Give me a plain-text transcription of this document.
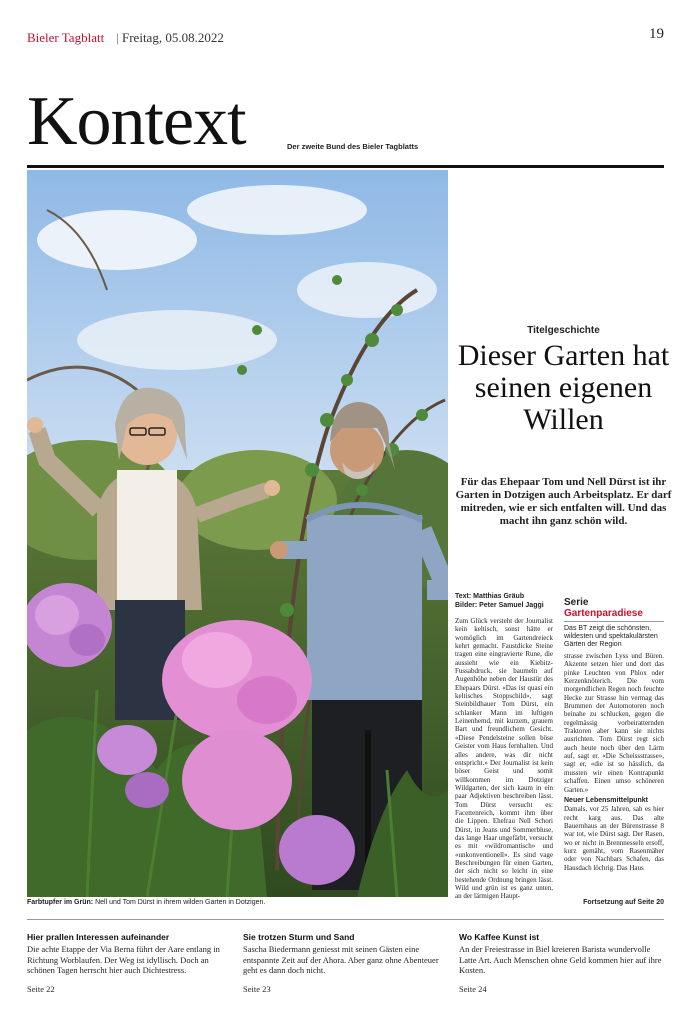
Bieler Tagblatt | Freitag, 05.08.2022	19
Kontext	Der zweite Bund des Bieler Tagblatts
Farbtupfer im Grün: Nell und Tom Dürst in ihrem wilden Garten in Dotzigen.
Titelgeschichte
Dieser Garten hat seinen eigenen Willen
Für das Ehepaar Tom und Nell Dürst ist ihr Garten in Dotzigen auch Arbeitsplatz. Er darf mitreden, wie er sich entfalten will. Und das macht ihn ganz schön wild.
Text: Matthias Gräub
Bilder: Peter Samuel Jaggi
Zum Glück versteht der Journalist kein keltisch, sonst hätte er womöglich im Gartendreieck kehrt gemacht. Faustdicke Steine tragen eine eingravierte Rune, die aussieht wie ein Kiebitz-Fussabdruck, sie baumeln auf Augenhöhe neben der Haustür des Ehepaars Dürst. «Das ist quasi ein keltisches Stoppschild», sagt Steinbildhauer Tom Dürst, ein schlanker Mann im luftigen Leinenhemd, mit kurzem, grauem Bart und freundlichem Gesicht. «Diese Pendelsteine sollen böse Geister vom Haus fernhalten. Und alles andere, was dir nicht entspricht.» Der Journalist ist kein böser Geist und somit willkommen im Dotziger Wildgarten, der sich kaum in ein paar Adjektiven beschreiben lässt. Tom Dürst versucht es: Facettenreich, kommt ihm über die Lippen. Ehefrau Nell Schori Dürst, in Jeans und Sommerbluse, das lange Haar ungefärbt, versucht es mit «wildromantisch» und «unkonventionell». Es sind vage Beschreibungen für einen Garten, der sich nicht so leicht in eine bestehende Ordnung bringen lässt. Wild und grün ist es ganz unten, an der lärmigen Haupt-
Serie
Gartenparadiese
Das BT zeigt die schönsten, wildesten und spektakulärsten Gärten der Region
strasse zwischen Lyss und Büren. Akzente setzen hier und dort das pinke Leuchten von Phlox oder Kerzenknöterich. Die vom morgendlichen Regen noch feuchte Hecke zur Strasse hin vermag das Brummen der Automotoren noch beinahe zu schlucken, gegen die regelmässig vorbeiratternden Traktoren aber kann sie nichts ausrichten. Tom Dürst regt sich auch heute noch über den Lärm auf, sagt er. «Die Scheissstrasse», sagt er, «die ist so hässlich, da mussten wir einen Kontrapunkt schaffen. Einen umso schöneren Garten.»
Neuer Lebensmittelpunkt
Damals, vor 25 Jahren, sah es hier recht karg aus. Das alte Bauernhaus an der Bürenstrasse 8 war tot, wie Dürst sagt. Der Rasen, wo er nicht in Brennnesseln ersoff, kurz gemäht, vom Rasenmäher oder von Nachbars Schafen, das Hausdach löchrig. Das Haus
Fortsetzung auf Seite 20
Hier prallen Interessen aufeinander
Die achte Etappe der Via Berna führt der Aare entlang in Richtung Worblaufen. Der Weg ist idyllisch. Doch an schönen Tagen herrscht hier auch Dichtestress.
Seite 22
Sie trotzen Sturm und Sand
Sascha Biedermann geniesst mit seinen Gästen eine entspannte Zeit auf der Ahora. Aber ganz ohne Abenteuer geht es dann doch nicht.
Seite 23
Wo Kaffee Kunst ist
An der Freiestrasse in Biel kreieren Barista wundervolle Latte Art. Auch Menschen ohne Geld kommen hier auf ihre Kosten.
Seite 24
